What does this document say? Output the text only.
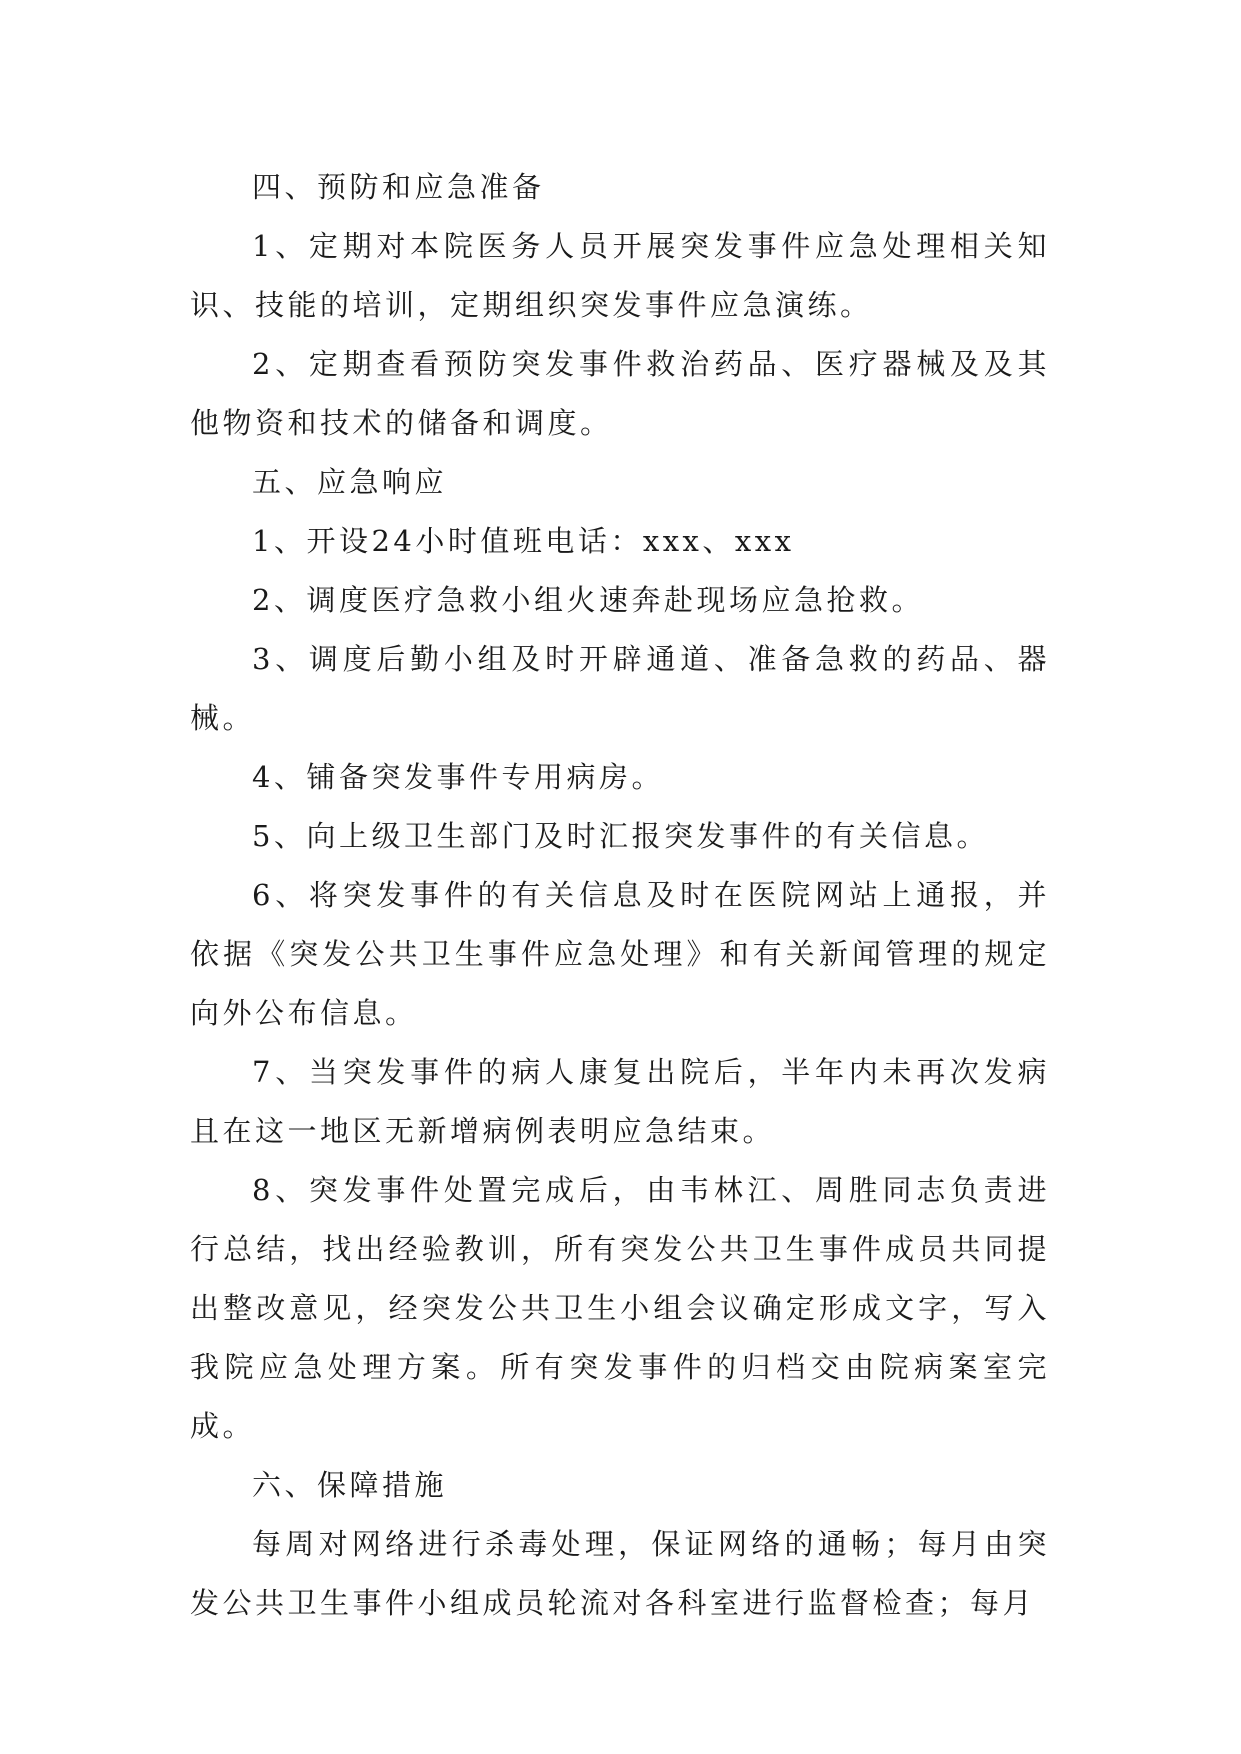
四、预防和应急准备

1、定期对本院医务人员开展突发事件应急处理相关知识、技能的培训，定期组织突发事件应急演练。

2、定期查看预防突发事件救治药品、医疗器械及及其他物资和技术的储备和调度。

五、应急响应

1、开设24小时值班电话：xxx、xxx

2、调度医疗急救小组火速奔赴现场应急抢救。

3、调度后勤小组及时开辟通道、准备急救的药品、器械。

4、铺备突发事件专用病房。

5、向上级卫生部门及时汇报突发事件的有关信息。

6、将突发事件的有关信息及时在医院网站上通报，并依据《突发公共卫生事件应急处理》和有关新闻管理的规定向外公布信息。

7、当突发事件的病人康复出院后，半年内未再次发病且在这一地区无新增病例表明应急结束。

8、突发事件处置完成后，由韦林江、周胜同志负责进行总结，找出经验教训，所有突发公共卫生事件成员共同提出整改意见，经突发公共卫生小组会议确定形成文字，写入我院应急处理方案。所有突发事件的归档交由院病案室完成。

六、保障措施

每周对网络进行杀毒处理，保证网络的通畅；每月由突发公共卫生事件小组成员轮流对各科室进行监督检查；每月
